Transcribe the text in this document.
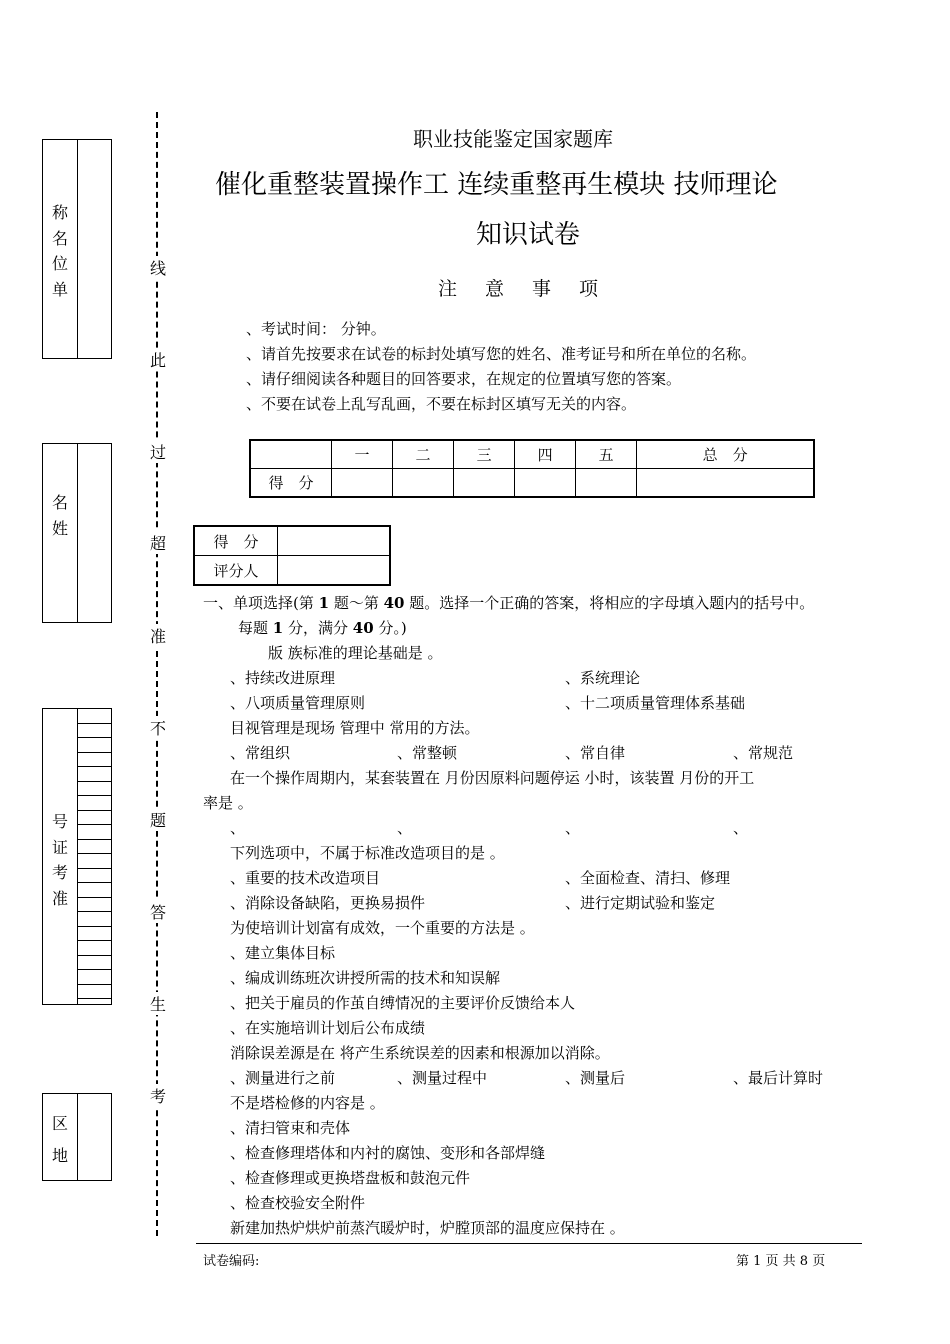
称
名
位
单
名
姓
号
证
考
准
区
地
线
此
过
超
准
不
题
答
生
考
职业技能鉴定国家题库
催化重整装置操作工 连续重整再生模块 技师理论
知识试卷
注意事项
、考试时间： 分钟。
、请首先按要求在试卷的标封处填写您的姓名、准考证号和所在单位的名称。
、请仔细阅读各种题目的回答要求，在规定的位置填写您的答案。
、不要在试卷上乱写乱画，不要在标封区填写无关的内容。
	一	二	三	四	五	总　分
得　分						
得　分	
评分人	
一、单项选择(第 1 题～第 40 题。选择一个正确的答案，将相应的字母填入题内的括号中。
每题 1 分，满分 40 分。)
版 族标准的理论基础是 。
、持续改进原理	、系统理论
、八项质量管理原则	、十二项质量管理体系基础
目视管理是现场 管理中 常用的方法。
、常组织	、常整顿	、常自律	、常规范
在一个操作周期内，某套装置在 月份因原料问题停运 小时，该装置 月份的开工
率是 。
、	、	、	、
下列选项中，不属于标准改造项目的是 。
、重要的技术改造项目	、全面检查、清扫、修理
、消除设备缺陷，更换易损件	、进行定期试验和鉴定
为使培训计划富有成效，一个重要的方法是 。
、建立集体目标
、编成训练班次讲授所需的技术和知误解
、把关于雇员的作茧自缚情况的主要评价反馈给本人
、在实施培训计划后公布成绩
消除误差源是在 将产生系统误差的因素和根源加以消除。
、测量进行之前	、测量过程中	、测量后	、最后计算时
不是塔检修的内容是 。
、清扫管束和壳体
、检查修理塔体和内衬的腐蚀、变形和各部焊缝
、检查修理或更换塔盘板和鼓泡元件
、检查校验安全附件
新建加热炉烘炉前蒸汽暖炉时，炉膛顶部的温度应保持在 。
试卷编码:	第 1 页 共 8 页
